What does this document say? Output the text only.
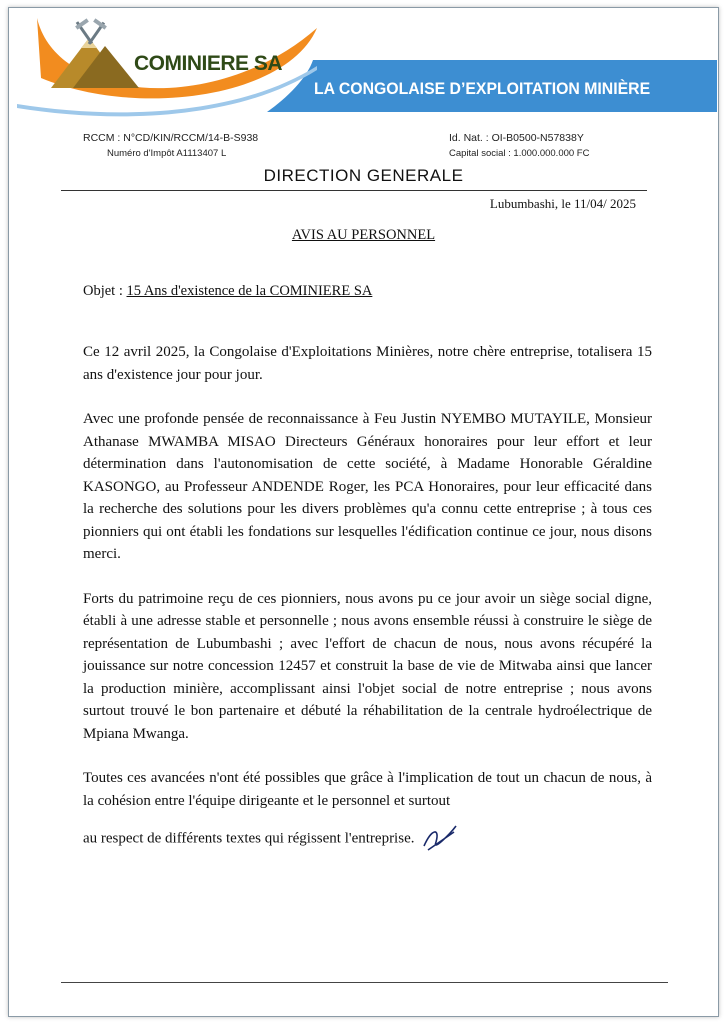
COMINIERE SA
LA CONGOLAISE D’EXPLOITATION MINIÈRE
RCCM : N°CD/KIN/RCCM/14-B-S938
Numéro d'Impôt A1113407 L
Id. Nat. : OI-B0500-N57838Y
Capital social : 1.000.000.000 FC
DIRECTION GENERALE
Lubumbashi, le 11/04/ 2025
AVIS AU PERSONNEL
Objet : 15 Ans d'existence de la COMINIERE SA

Ce 12 avril 2025, la Congolaise d'Exploitations Minières, notre chère entreprise, totalisera 15 ans d'existence jour pour jour.

Avec une profonde pensée de reconnaissance à Feu Justin NYEMBO MUTAYILE, Monsieur Athanase MWAMBA MISAO Directeurs Généraux honoraires pour leur effort et leur détermination dans l'autonomisation de cette société, à Madame Honorable Géraldine KASONGO, au Professeur ANDENDE Roger, les PCA Honoraires, pour leur efficacité dans la recherche des solutions pour les divers problèmes qu'a connu cette entreprise ; à tous ces pionniers qui ont établi les fondations sur lesquelles l'édification continue ce jour, nous disons merci.

Forts du patrimoine reçu de ces pionniers, nous avons pu ce jour avoir un siège social digne, établi à une adresse stable et personnelle ; nous avons ensemble réussi à construire le siège de représentation de Lubumbashi ; avec l'effort de chacun de nous, nous avons récupéré la jouissance sur notre concession 12457 et construit la base de vie de Mitwaba ainsi que lancer la production minière, accomplissant ainsi l'objet social de notre entreprise ; nous avons surtout trouvé le bon partenaire et débuté la réhabilitation de la centrale hydroélectrique de Mpiana Mwanga.

Toutes ces avancées n'ont été possibles que grâce à l'implication de tout un chacun de nous, à la cohésion entre l'équipe dirigeante et le personnel et surtout
au respect de différents textes qui régissent l'entreprise.
